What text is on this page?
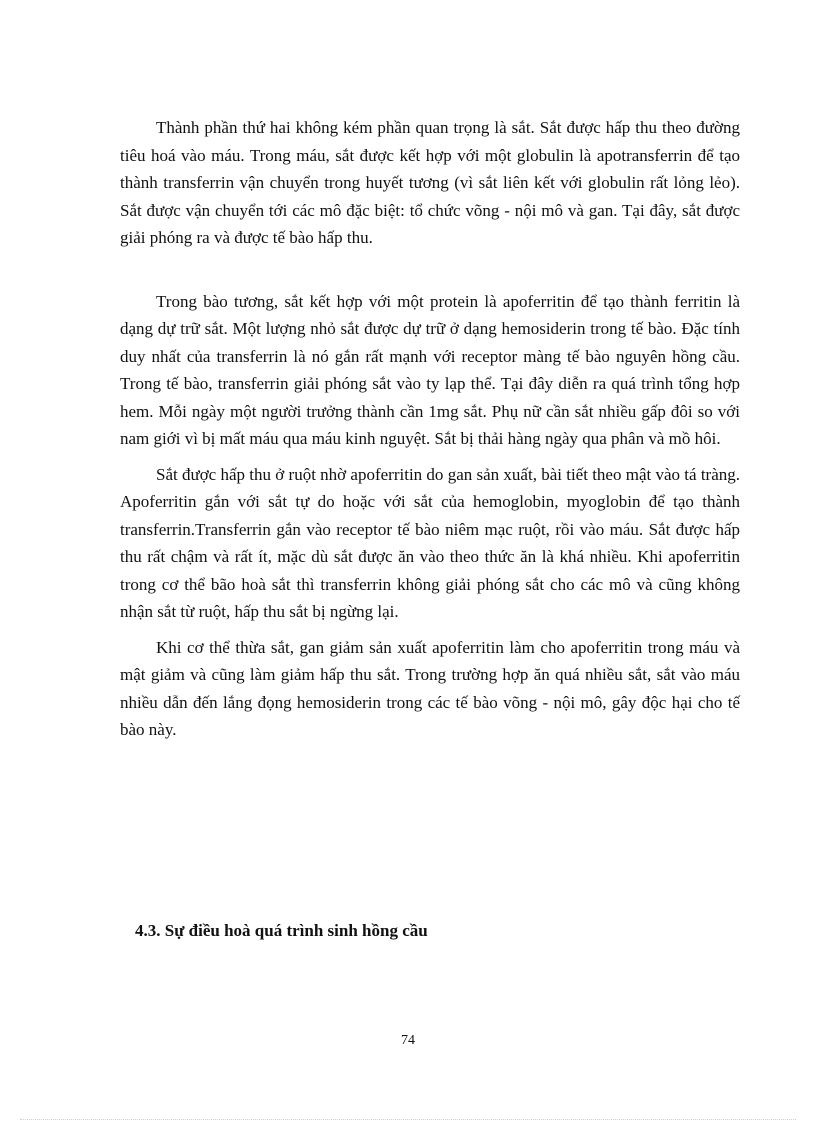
Thành phần thứ hai không kém phần quan trọng là sắt. Sắt được hấp thu theo đường tiêu hoá vào máu. Trong máu, sắt được kết hợp với một globulin là apotransferrin để tạo thành transferrin vận chuyển trong huyết tương (vì sắt liên kết với globulin rất lỏng lẻo). Sắt được vận chuyển tới các mô đặc biệt: tổ chức võng - nội mô và gan. Tại đây, sắt được giải phóng ra và được tế bào hấp thu.

Trong bào tương, sắt kết hợp với một protein là apoferritin để tạo thành ferritin là dạng dự trữ sắt. Một lượng nhỏ sắt được dự trữ ở dạng hemosiderin trong tế bào. Đặc tính duy nhất của transferrin là nó gắn rất mạnh với receptor màng tế bào nguyên hồng cầu. Trong tế bào, transferrin giải phóng sắt vào ty lạp thể. Tại đây diễn ra quá trình tổng hợp hem. Mỗi ngày một người trưởng thành cần 1mg sắt. Phụ nữ cần sắt nhiều gấp đôi so với nam giới vì bị mất máu qua máu kinh nguyệt. Sắt bị thải hàng ngày qua phân và mồ hôi.

Sắt được hấp thu ở ruột nhờ apoferritin do gan sản xuất, bài tiết theo mật vào tá tràng. Apoferritin gắn với sắt tự do hoặc với sắt của hemoglobin, myoglobin để tạo thành transferrin.Transferrin gắn vào receptor tế bào niêm mạc ruột, rồi vào máu. Sắt được hấp thu rất chậm và rất ít, mặc dù sắt được ăn vào theo thức ăn là khá nhiều. Khi apoferritin trong cơ thể bão hoà sắt thì transferrin không giải phóng sắt cho các mô và cũng không nhận sắt từ ruột, hấp thu sắt bị ngừng lại.

Khi cơ thể thừa sắt, gan giảm sản xuất apoferritin làm cho apoferritin trong máu và mật giảm và cũng làm giảm hấp thu sắt. Trong trường hợp ăn quá nhiều sắt, sắt vào máu nhiều dẫn đến lắng đọng hemosiderin trong các tế bào võng - nội mô, gây độc hại cho tế bào này.

4.3. Sự điều hoà quá trình sinh hồng cầu
74
